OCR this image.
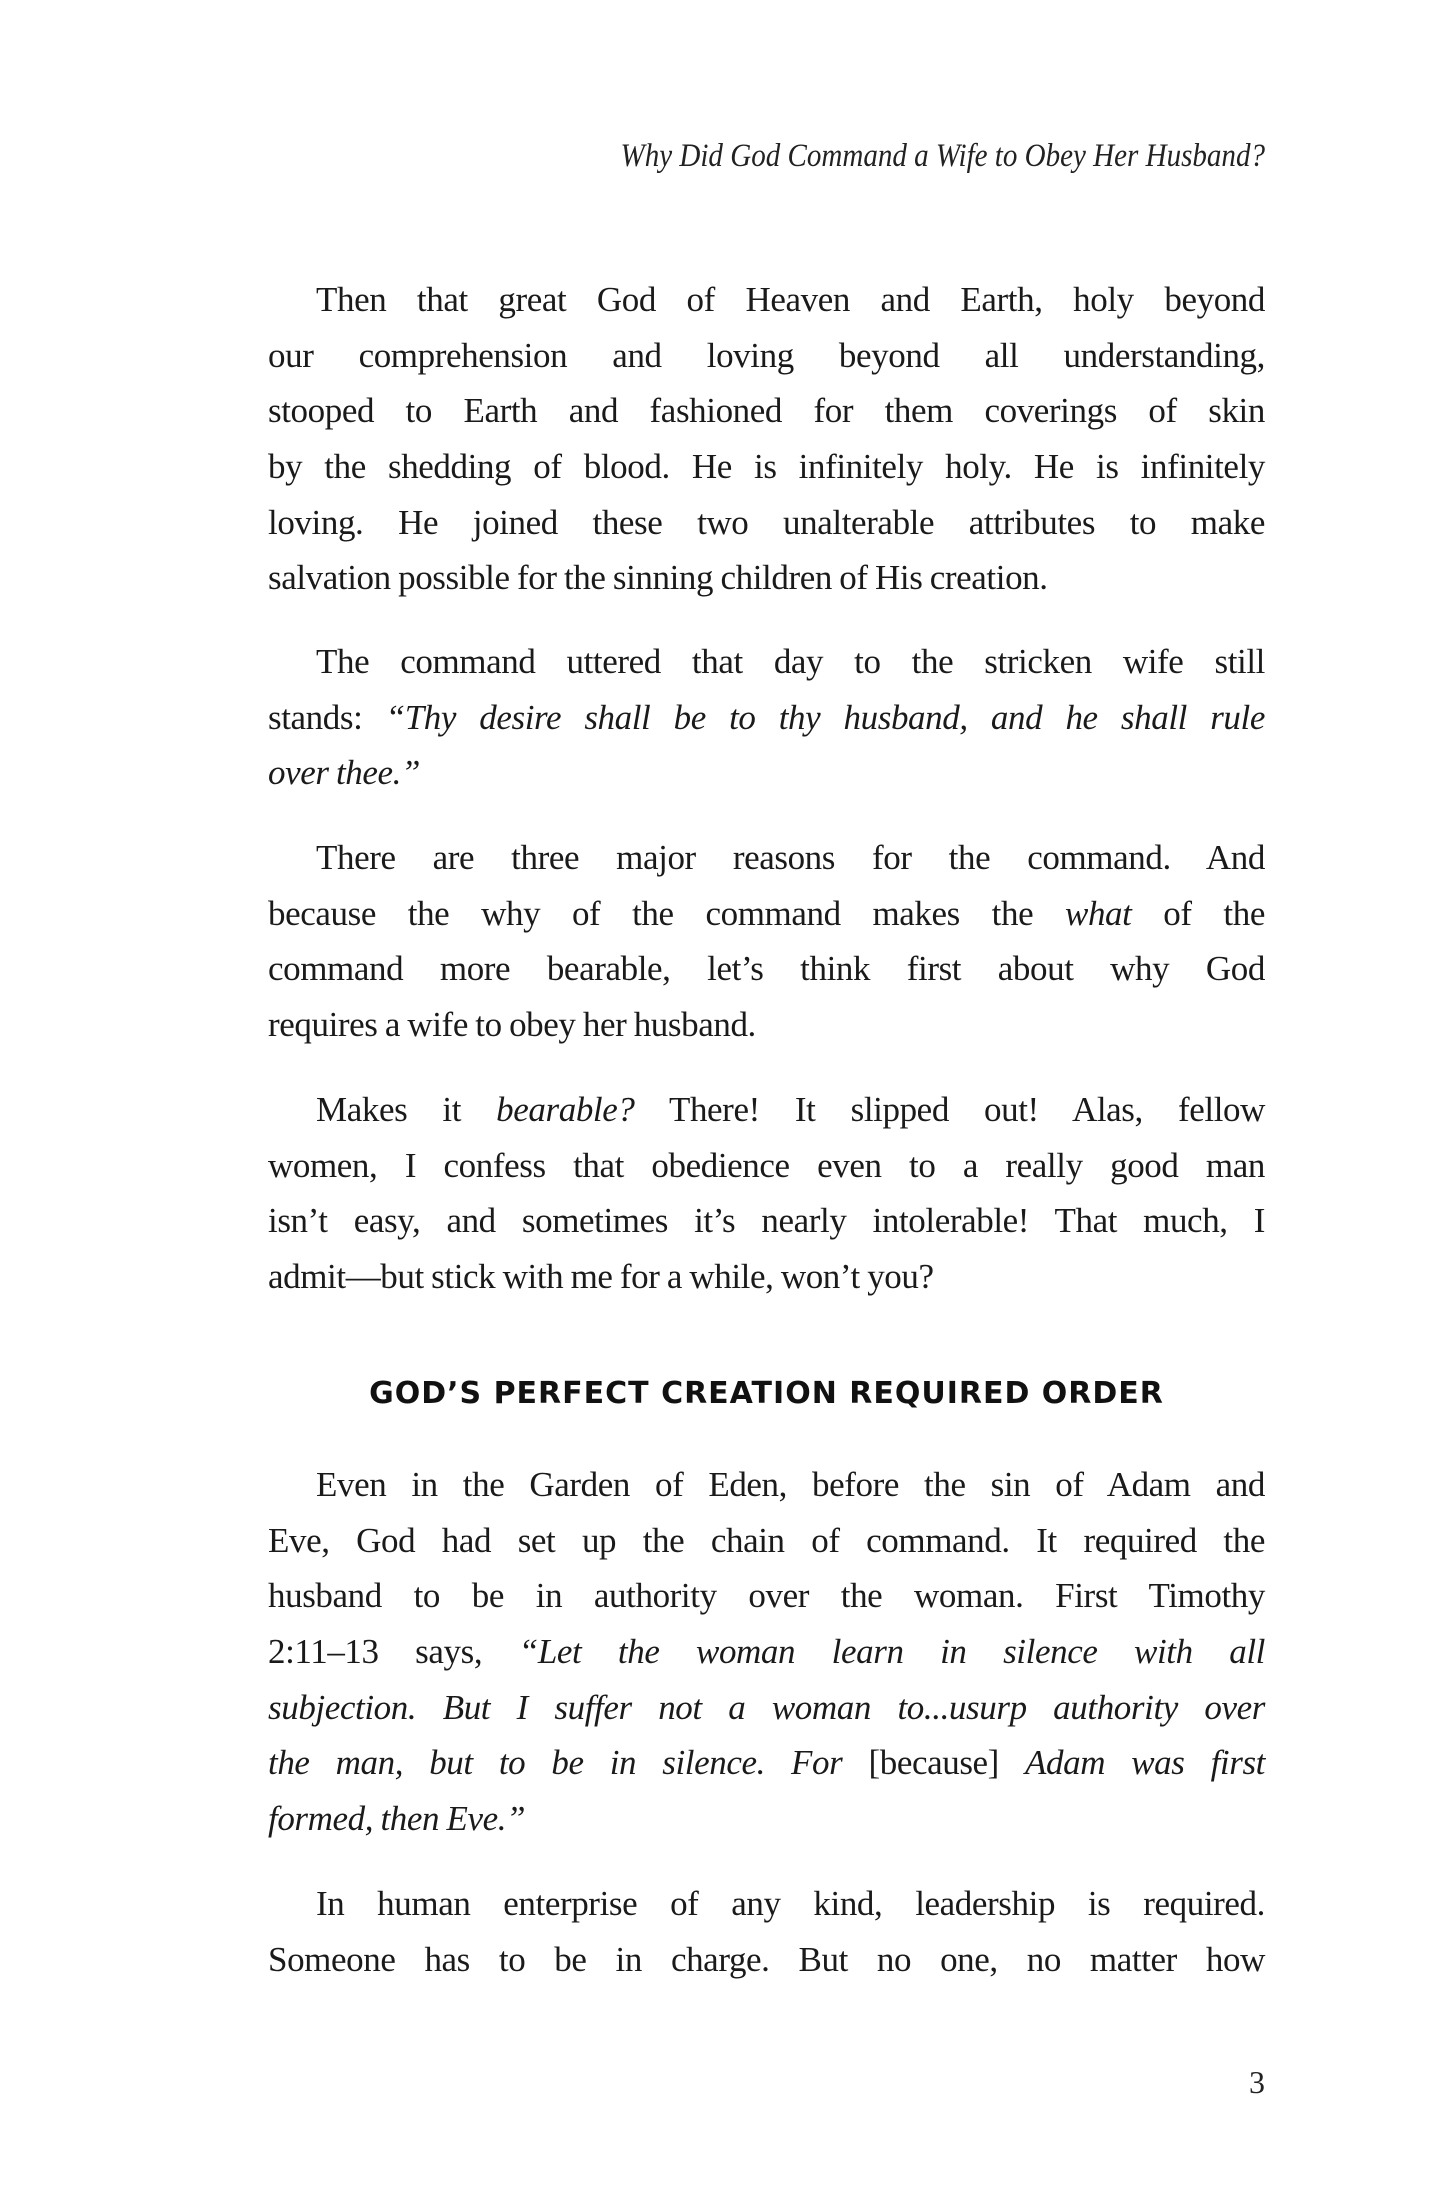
Why Did God Command a Wife to Obey Her Husband?
Then that great God of Heaven and Earth, holy beyond
our comprehension and loving beyond all understanding,
stooped to Earth and fashioned for them coverings of skin
by the shedding of blood. He is infinitely holy. He is infinitely
loving. He joined these two unalterable attributes to make
salvation possible for the sinning children of His creation.
The command uttered that day to the stricken wife still
stands: “Thy desire shall be to thy husband, and he shall rule
over thee.”
There are three major reasons for the command. And
because the why of the command makes the what of the
command more bearable, let’s think first about why God
requires a wife to obey her husband.
Makes it bearable? There! It slipped out! Alas, fellow
women, I confess that obedience even to a really good man
isn’t easy, and sometimes it’s nearly intolerable! That much, I
admit—but stick with me for a while, won’t you?
GOD’S PERFECT CREATION REQUIRED ORDER
Even in the Garden of Eden, before the sin of Adam and
Eve, God had set up the chain of command. It required the
husband to be in authority over the woman. First Timothy
2:11–13 says, “Let the woman learn in silence with all
subjection. But I suffer not a woman to...usurp authority over
the man, but to be in silence. For [because] Adam was first
formed, then Eve.”
In human enterprise of any kind, leadership is required.
Someone has to be in charge. But no one, no matter how
3
